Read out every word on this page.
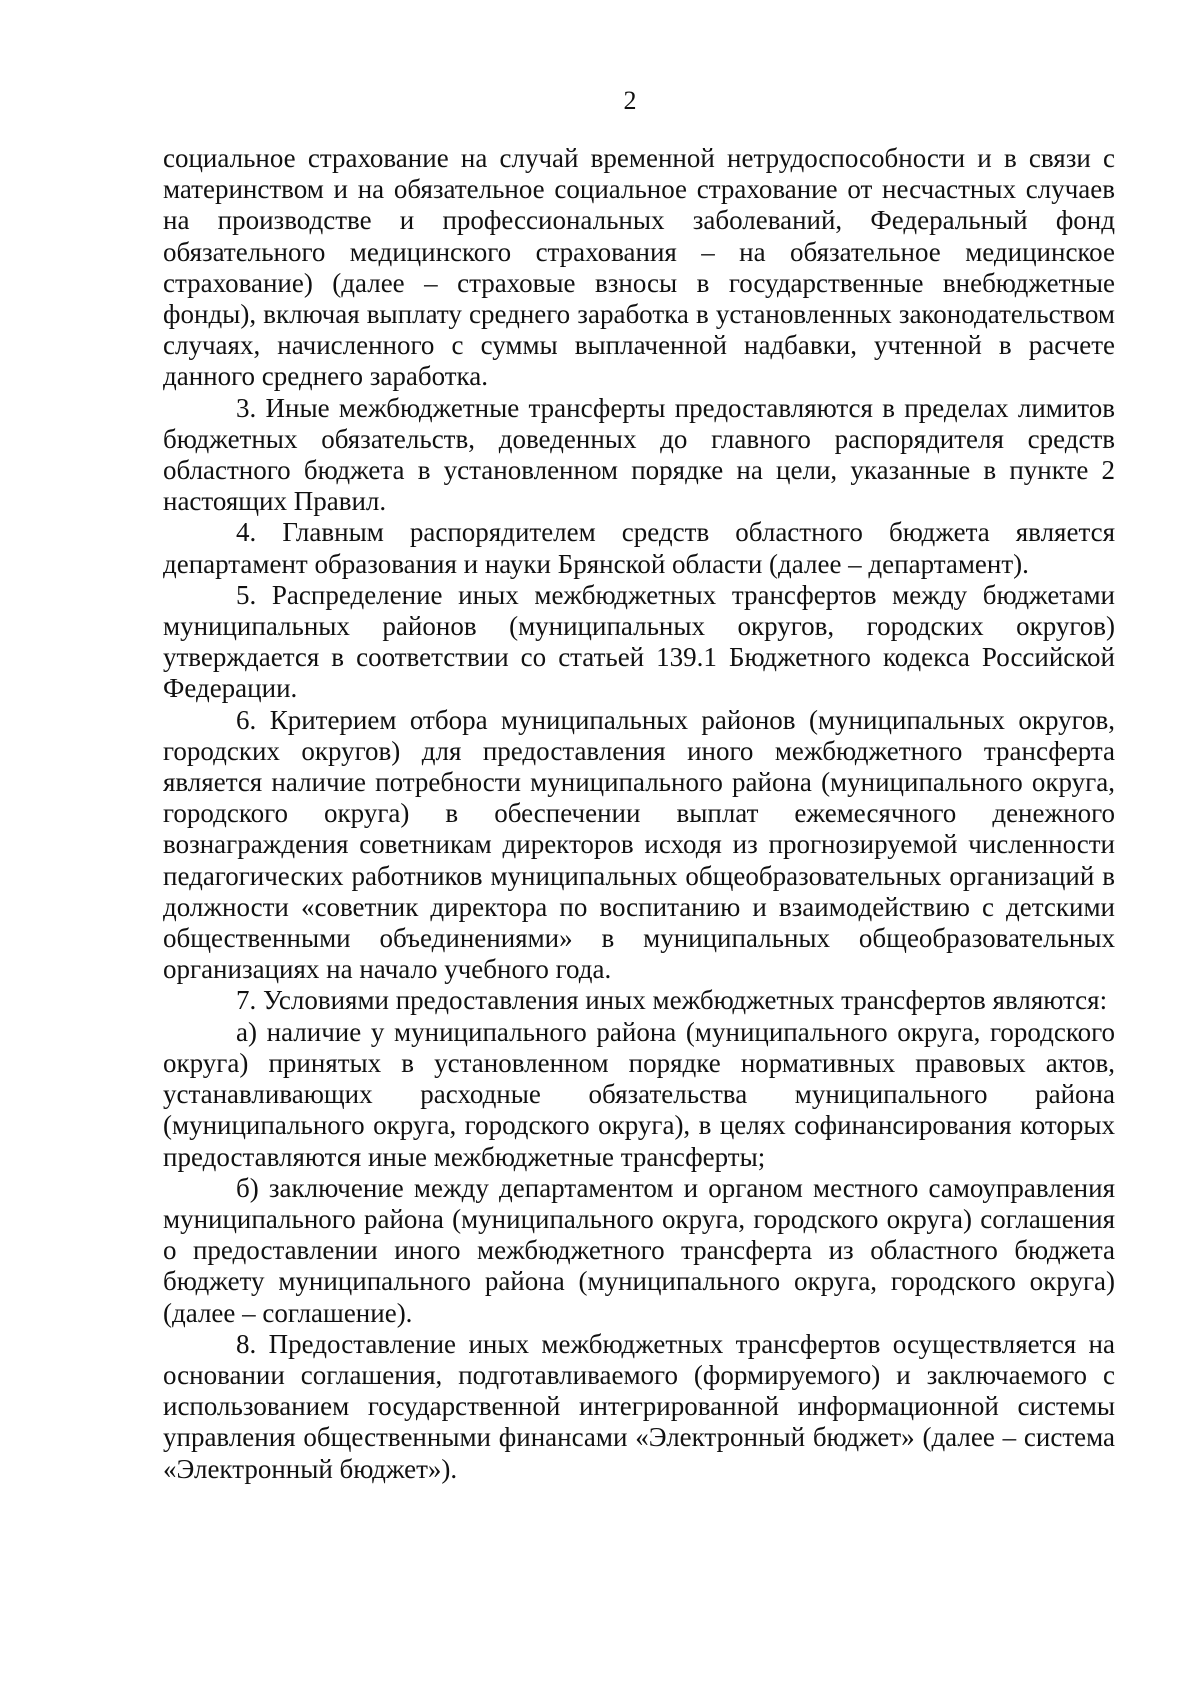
2

социальное страхование на случай временной нетрудоспособности и в связи с материнством и на обязательное социальное страхование от несчастных случаев на производстве и профессиональных заболеваний, Федеральный фонд обязательного медицинского страхования – на обязательное медицинское страхование) (далее – страховые взносы в государственные внебюджетные фонды), включая выплату среднего заработка в установленных законодательством случаях, начисленного с суммы выплаченной надбавки, учтенной в расчете данного среднего заработка.

3. Иные межбюджетные трансферты предоставляются в пределах лимитов бюджетных обязательств, доведенных до главного распорядителя средств областного бюджета в установленном порядке на цели, указанные в пункте 2 настоящих Правил.

4. Главным распорядителем средств областного бюджета является департамент образования и науки Брянской области (далее – департамент).

5. Распределение иных межбюджетных трансфертов между бюджетами муниципальных районов (муниципальных округов, городских округов) утверждается в соответствии со статьей 139.1 Бюджетного кодекса Российской Федерации.

6. Критерием отбора муниципальных районов (муниципальных округов, городских округов) для предоставления иного межбюджетного трансферта является наличие потребности муниципального района (муниципального округа, городского округа) в обеспечении выплат ежемесячного денежного вознаграждения советникам директоров исходя из прогнозируемой численности педагогических работников муниципальных общеобразовательных организаций в должности «советник директора по воспитанию и взаимодействию с детскими общественными объединениями» в муниципальных общеобразовательных организациях на начало учебного года.

7. Условиями предоставления иных межбюджетных трансфертов являются:

а) наличие у муниципального района (муниципального округа, городского округа) принятых в установленном порядке нормативных правовых актов, устанавливающих расходные обязательства муниципального района (муниципального округа, городского округа), в целях софинансирования которых предоставляются иные межбюджетные трансферты;

б) заключение между департаментом и органом местного самоуправления муниципального района (муниципального округа, городского округа) соглашения о предоставлении иного межбюджетного трансферта из областного бюджета бюджету муниципального района (муниципального округа, городского округа) (далее – соглашение).

8. Предоставление иных межбюджетных трансфертов осуществляется на основании соглашения, подготавливаемого (формируемого) и заключаемого с использованием государственной интегрированной информационной системы управления общественными финансами «Электронный бюджет» (далее – система «Электронный бюджет»).
